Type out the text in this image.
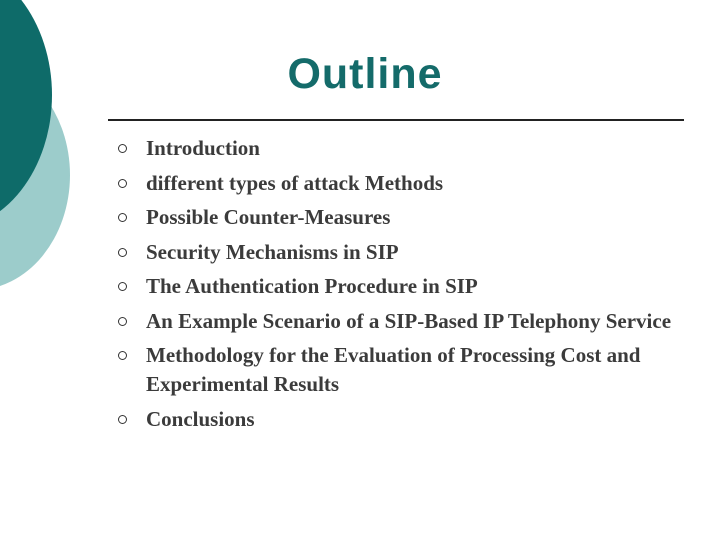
Outline
Introduction
different types of attack Methods
Possible Counter-Measures
Security Mechanisms in SIP
The Authentication Procedure in SIP
An Example Scenario of a SIP-Based IP Telephony Service
Methodology for the Evaluation of Processing Cost and Experimental Results
Conclusions
